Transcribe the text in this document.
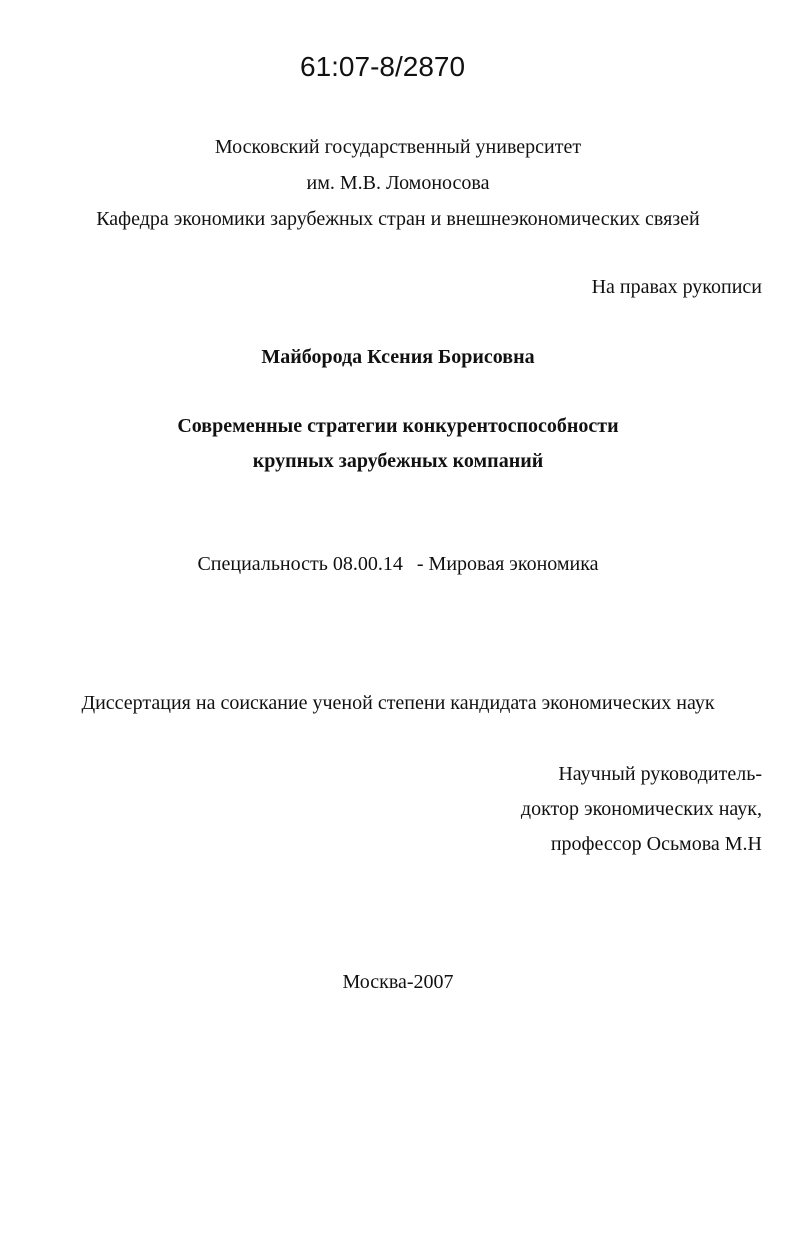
61:07-8/2870
Московский государственный университет
им. М.В. Ломоносова
Кафедра экономики зарубежных стран и внешнеэкономических связей
На правах рукописи
Майборода Ксения Борисовна
Современные стратегии конкурентоспособности
крупных зарубежных компаний
Специальность 08.00.14 - Мировая экономика
Диссертация на соискание ученой степени кандидата экономических наук
Научный руководитель-
доктор экономических наук,
профессор Осьмова М.Н
Москва-2007
